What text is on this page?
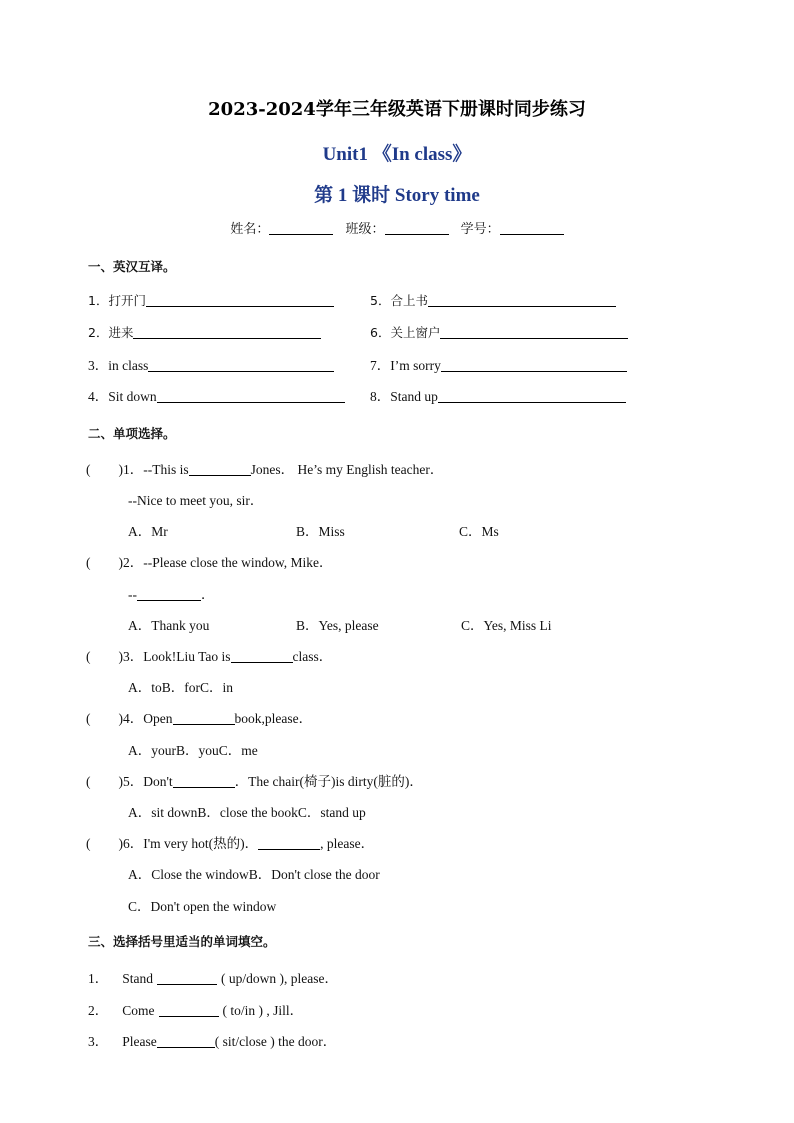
2023-2024学年三年级英语下册课时同步练习
Unit1 《In class》
第 1 课时 Story time
姓名：	班级：	学号：
一、英汉互译。
1．打开门	5．合上书
2．进来	6．关上窗户
3．in class	7．I’m sorry
4．Sit down	8．Stand up
二、单项选择。
( )1．--This is	Jones． He’s my English teacher．
--Nice to meet you, sir．
A．Mr	B．Miss	C．Ms
( )2．--Please close the window, Mike．
--	．
A．Thank you	B．Yes, please	C．Yes, Miss Li
( )3．Look!Liu Tao is	class．
A．toB．forC．in
( )4．Open	book,please．
A．yourB．youC．me
( )5．Don't	．The chair(椅子)is dirty(脏的)．
A．sit downB．close the bookC．stand up
( )6．I'm very hot(热的)．	, please．
A．Close the windowB．Don't close the door
C．Don't open the window
三、选择括号里适当的单词填空。
1． Stand	( up/down ), please．
2． Come	( to/in ) , Jill．
3． Please	( sit/close ) the door．
